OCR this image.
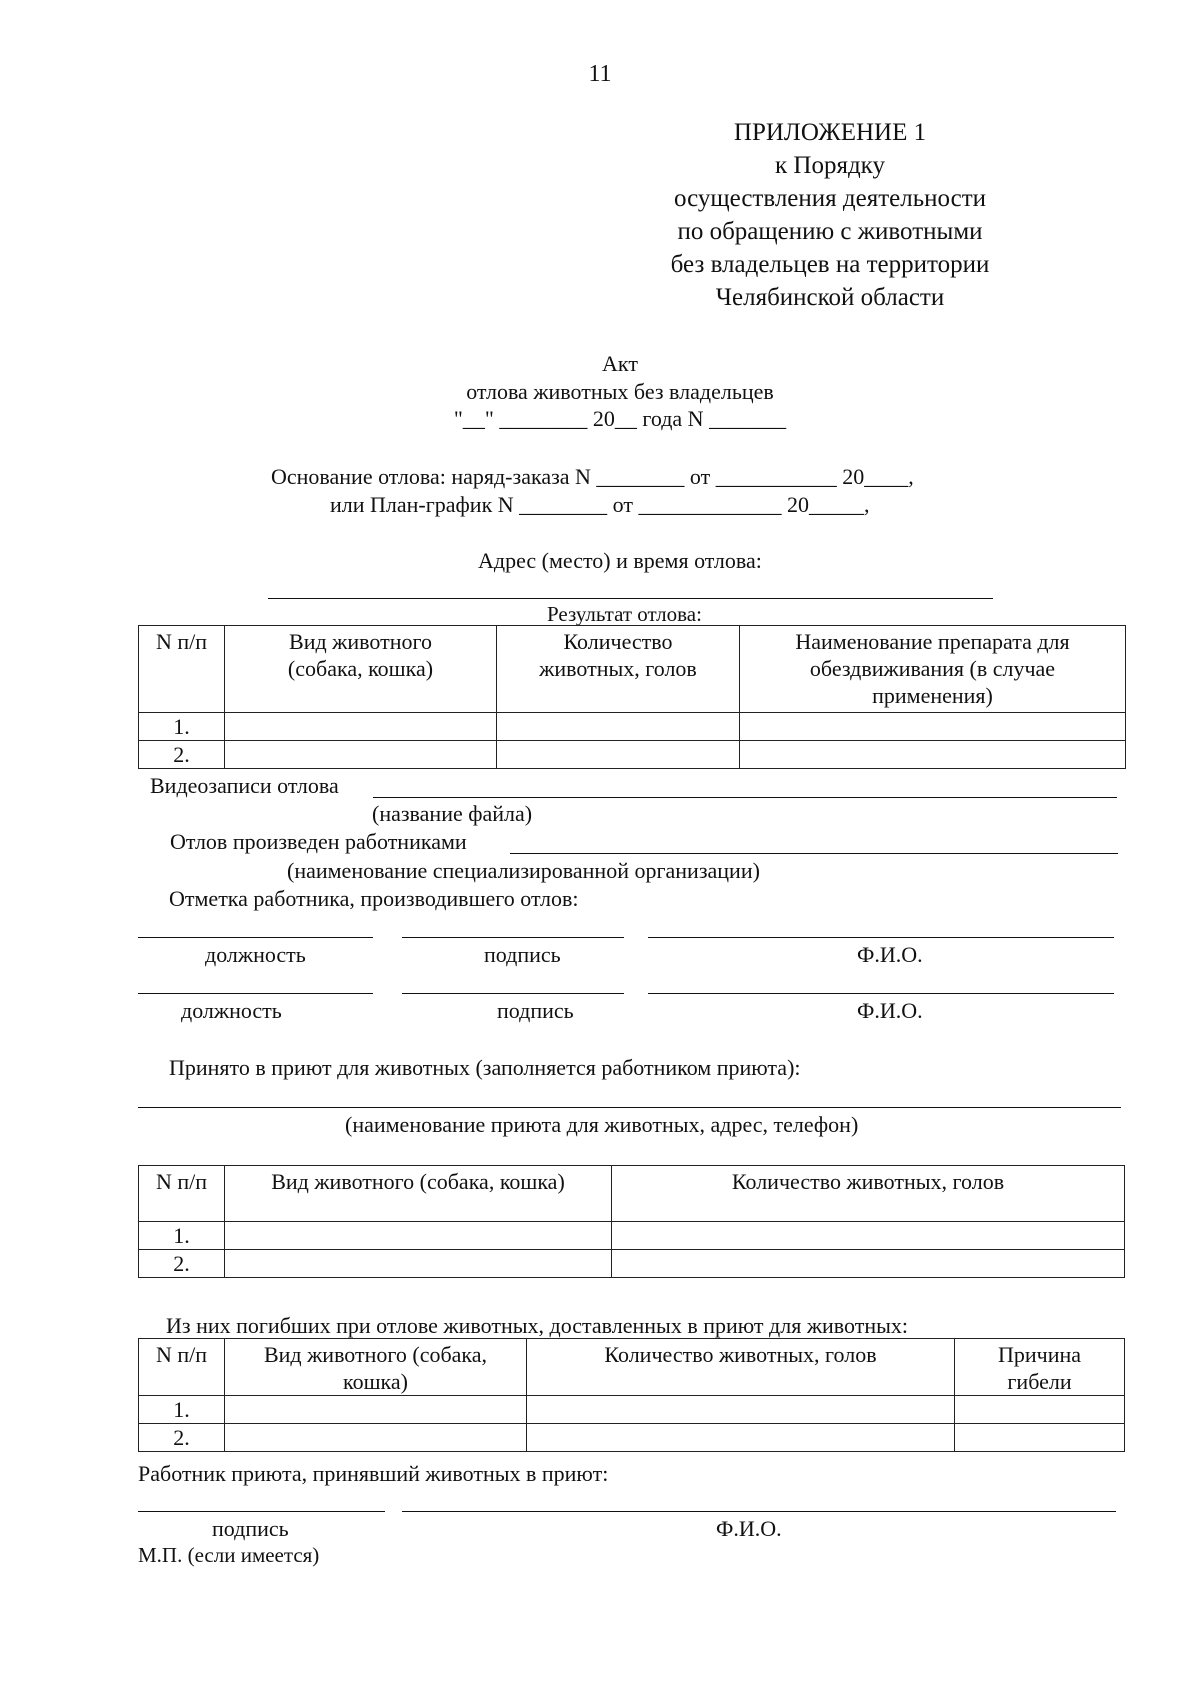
11
ПРИЛОЖЕНИЕ 1
к Порядку
осуществления деятельности
по обращению с животными
без владельцев на территории
Челябинской области
Акт
отлова животных без владельцев
"__" ________ 20__ года N _______
Основание отлова: наряд-заказа N ________ от ___________ 20____,
или План-график N ________ от _____________ 20_____,
Адрес (место) и время отлова:
Результат отлова:
N п/п	Вид животного (собака, кошка)	Количество животных, голов	Наименование препарата для обездвиживания (в случае применения)
1.			
2.			
Видеозаписи отлова
(название файла)
Отлов произведен работниками
(наименование специализированной организации)
Отметка работника, производившего отлов:
должность	подпись	Ф.И.О.
должность	подпись	Ф.И.О.
Принято в приют для животных (заполняется работником приюта):
(наименование приюта для животных, адрес, телефон)
N п/п	Вид животного (собака, кошка)	Количество животных, голов
1.		
2.		
Из них погибших при отлове животных, доставленных в приют для животных:
N п/п	Вид животного (собака, кошка)	Количество животных, голов	Причина гибели
1.			
2.			
Работник приюта, принявший животных в приют:
подпись	Ф.И.О.
М.П. (если имеется)
